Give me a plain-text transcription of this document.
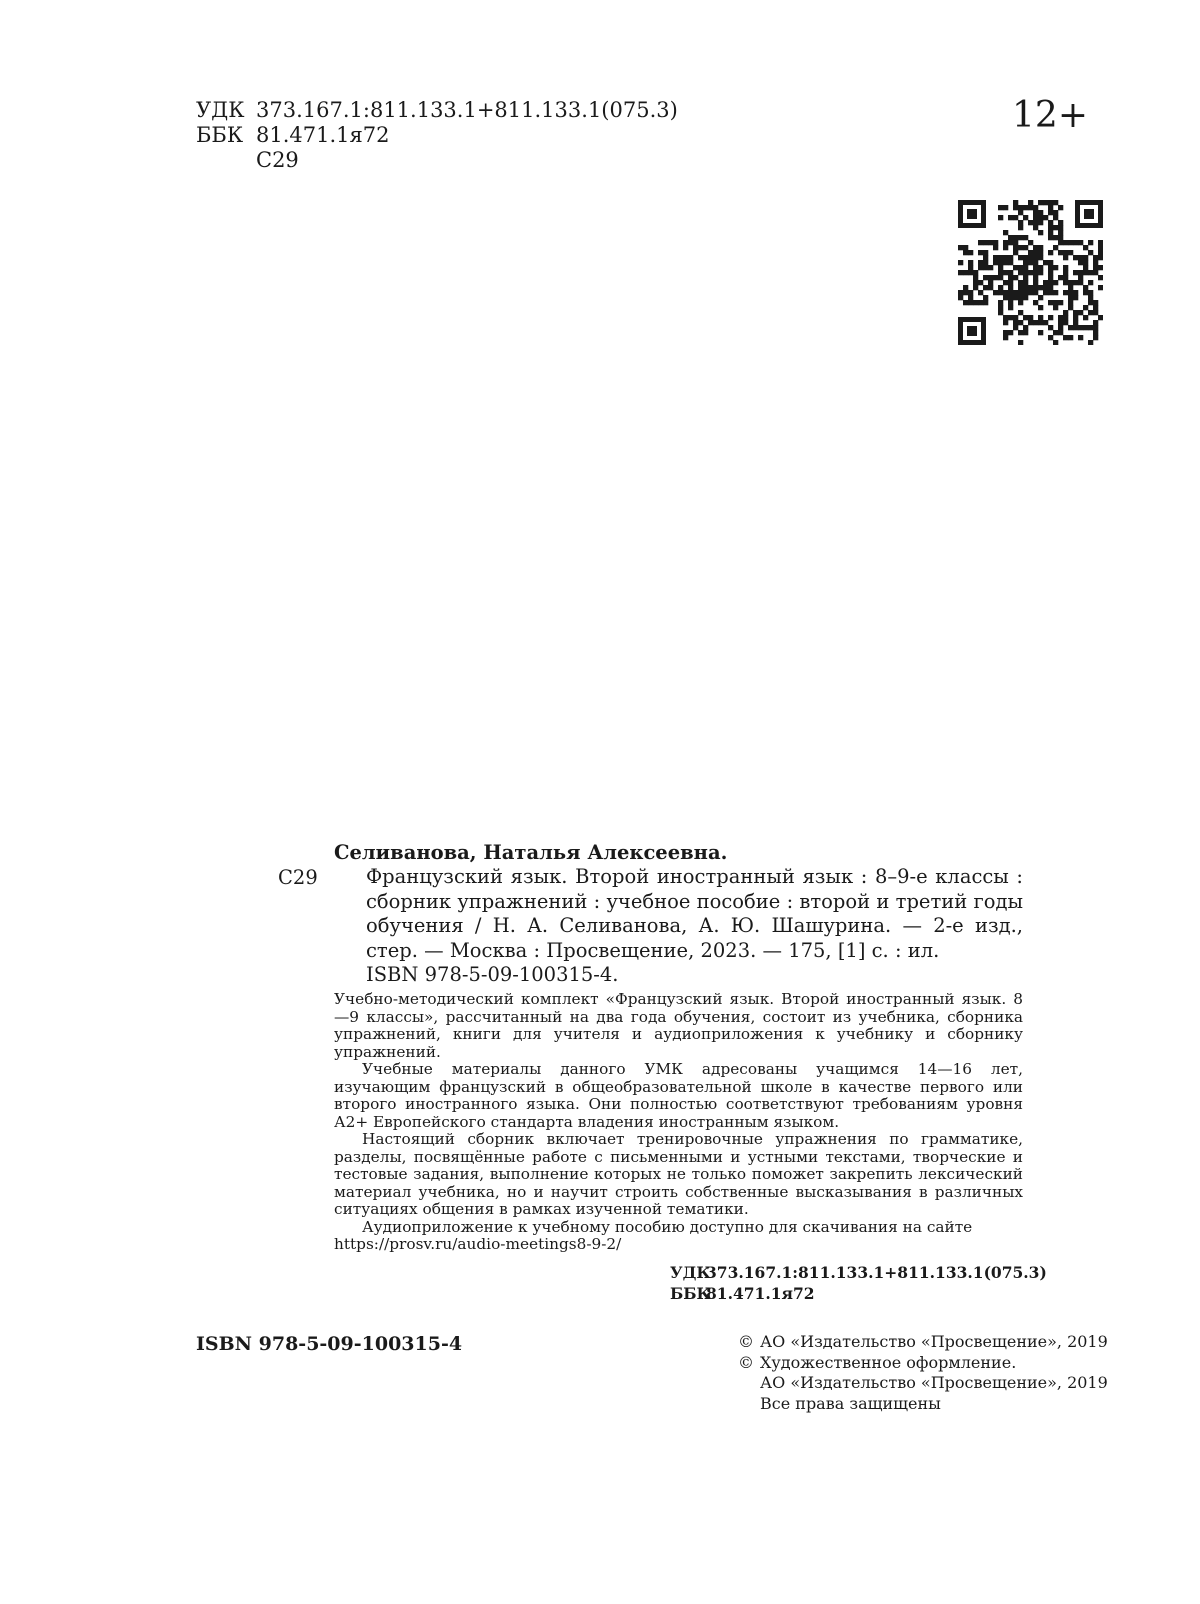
УДК 373.167.1:811.133.1+811.133.1(075.3)
ББК 81.471.1я72
С29
12+
Селиванова, Наталья Алексеевна.
С29 Французский язык. Второй иностранный язык : 8–9-е классы : сборник упражнений : учебное пособие : второй и третий годы обучения / Н. А. Селиванова, А. Ю. Шашурина. — 2-е изд., стер. — Москва : Просвещение, 2023. — 175, [1] с. : ил.
ISBN 978-5-09-100315-4.

Учебно-методический комплект «Французский язык. Второй иностранный язык. 8—9 классы», рассчитанный на два года обучения, состоит из учебника, сборника упражнений, книги для учителя и аудиоприложения к учебнику и сборнику упражнений.

Учебные материалы данного УМК адресованы учащимся 14—16 лет, изучающим французский в общеобразовательной школе в качестве первого или второго иностранного языка. Они полностью соответствуют требованиям уровня А2+ Европейского стандарта владения иностранным языком.

Настоящий сборник включает тренировочные упражнения по грамматике, разделы, посвящённые работе с письменными и устными текстами, творческие и тестовые задания, выполнение которых не только поможет закрепить лексический материал учебника, но и научит строить собственные высказывания в различных ситуациях общения в рамках изученной тематики.

Аудиоприложение к учебному пособию доступно для скачивания на сайте

https://prosv.ru/audio-meetings8-9-2/

УДК
373.167.1:811.133.1+811.133.1(075.3)
ББК
81.471.1я72
ISBN 978-5-09-100315-4	© АО «Издательство «Просвещение», 2019
© Художественное оформление.
АО «Издательство «Просвещение», 2019
Все права защищены
